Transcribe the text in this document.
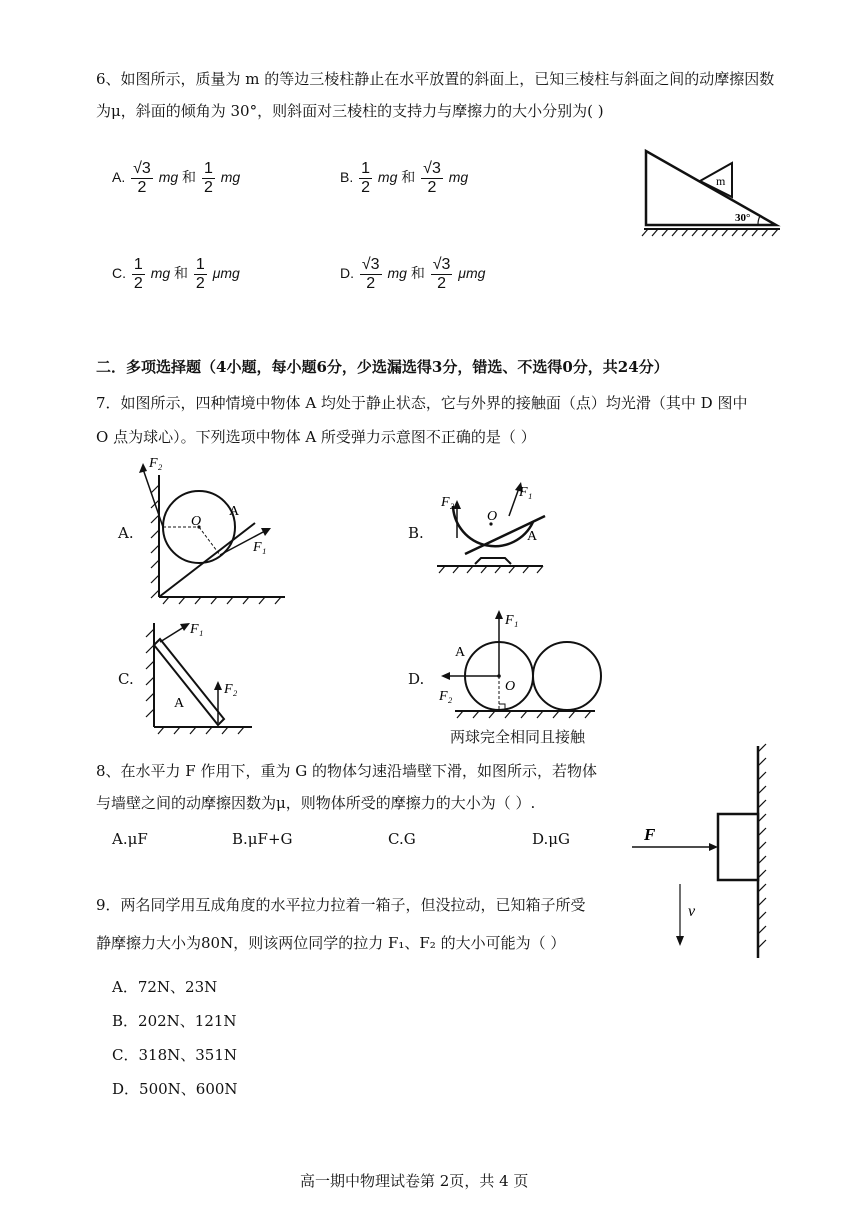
6、如图所示，质量为 m 的等边三棱柱静止在水平放置的斜面上，已知三棱柱与斜面之间的动摩擦因数
为μ，斜面的倾角为 30°，则斜面对三棱柱的支持力与摩擦力的大小分别为( )
A. $\frac{√3}{2}$ mg 和 $\frac{1}{2}$ mg	B. $\frac{1}{2}$ mg 和 $\frac{√3}{2}$ mg
C. $\frac{1}{2}$ mg 和 $\frac{1}{2}$ μmg	D. $\frac{√3}{2}$ mg 和 $\frac{√3}{2}$ μmg
m
30°
二．多项选择题（4小题，每小题6分，少选漏选得3分，错选、不选得0分，共24分）
7．如图所示，四种情境中物体 A 均处于静止状态，它与外界的接触面（点）均光滑（其中 D 图中
O 点为球心）。下列选项中物体 A 所受弹力示意图不正确的是（ ）
A.
F₂
F₁
O
A
B.
F₂
F₁
O
A
C.
F₁
F₂
A
D.
F₁
F₂
O
A
两球完全相同且接触
8、在水平力 F 作用下，重为 G 的物体匀速沿墙壁下滑，如图所示，若物体
与墙壁之间的动摩擦因数为μ，则物体所受的摩擦力的大小为（ ）.
A.μF	B.μF+G	C.G	D.μG	F
v
9．两名同学用互成角度的水平拉力拉着一箱子，但没拉动，已知箱子所受
静摩擦力大小为80N，则该两位同学的拉力 F₁、F₂ 的大小可能为（ ）
A．72N、23N
B．202N、121N
C．318N、351N
D．500N、600N
高一期中物理试卷第 2页，共 4 页
